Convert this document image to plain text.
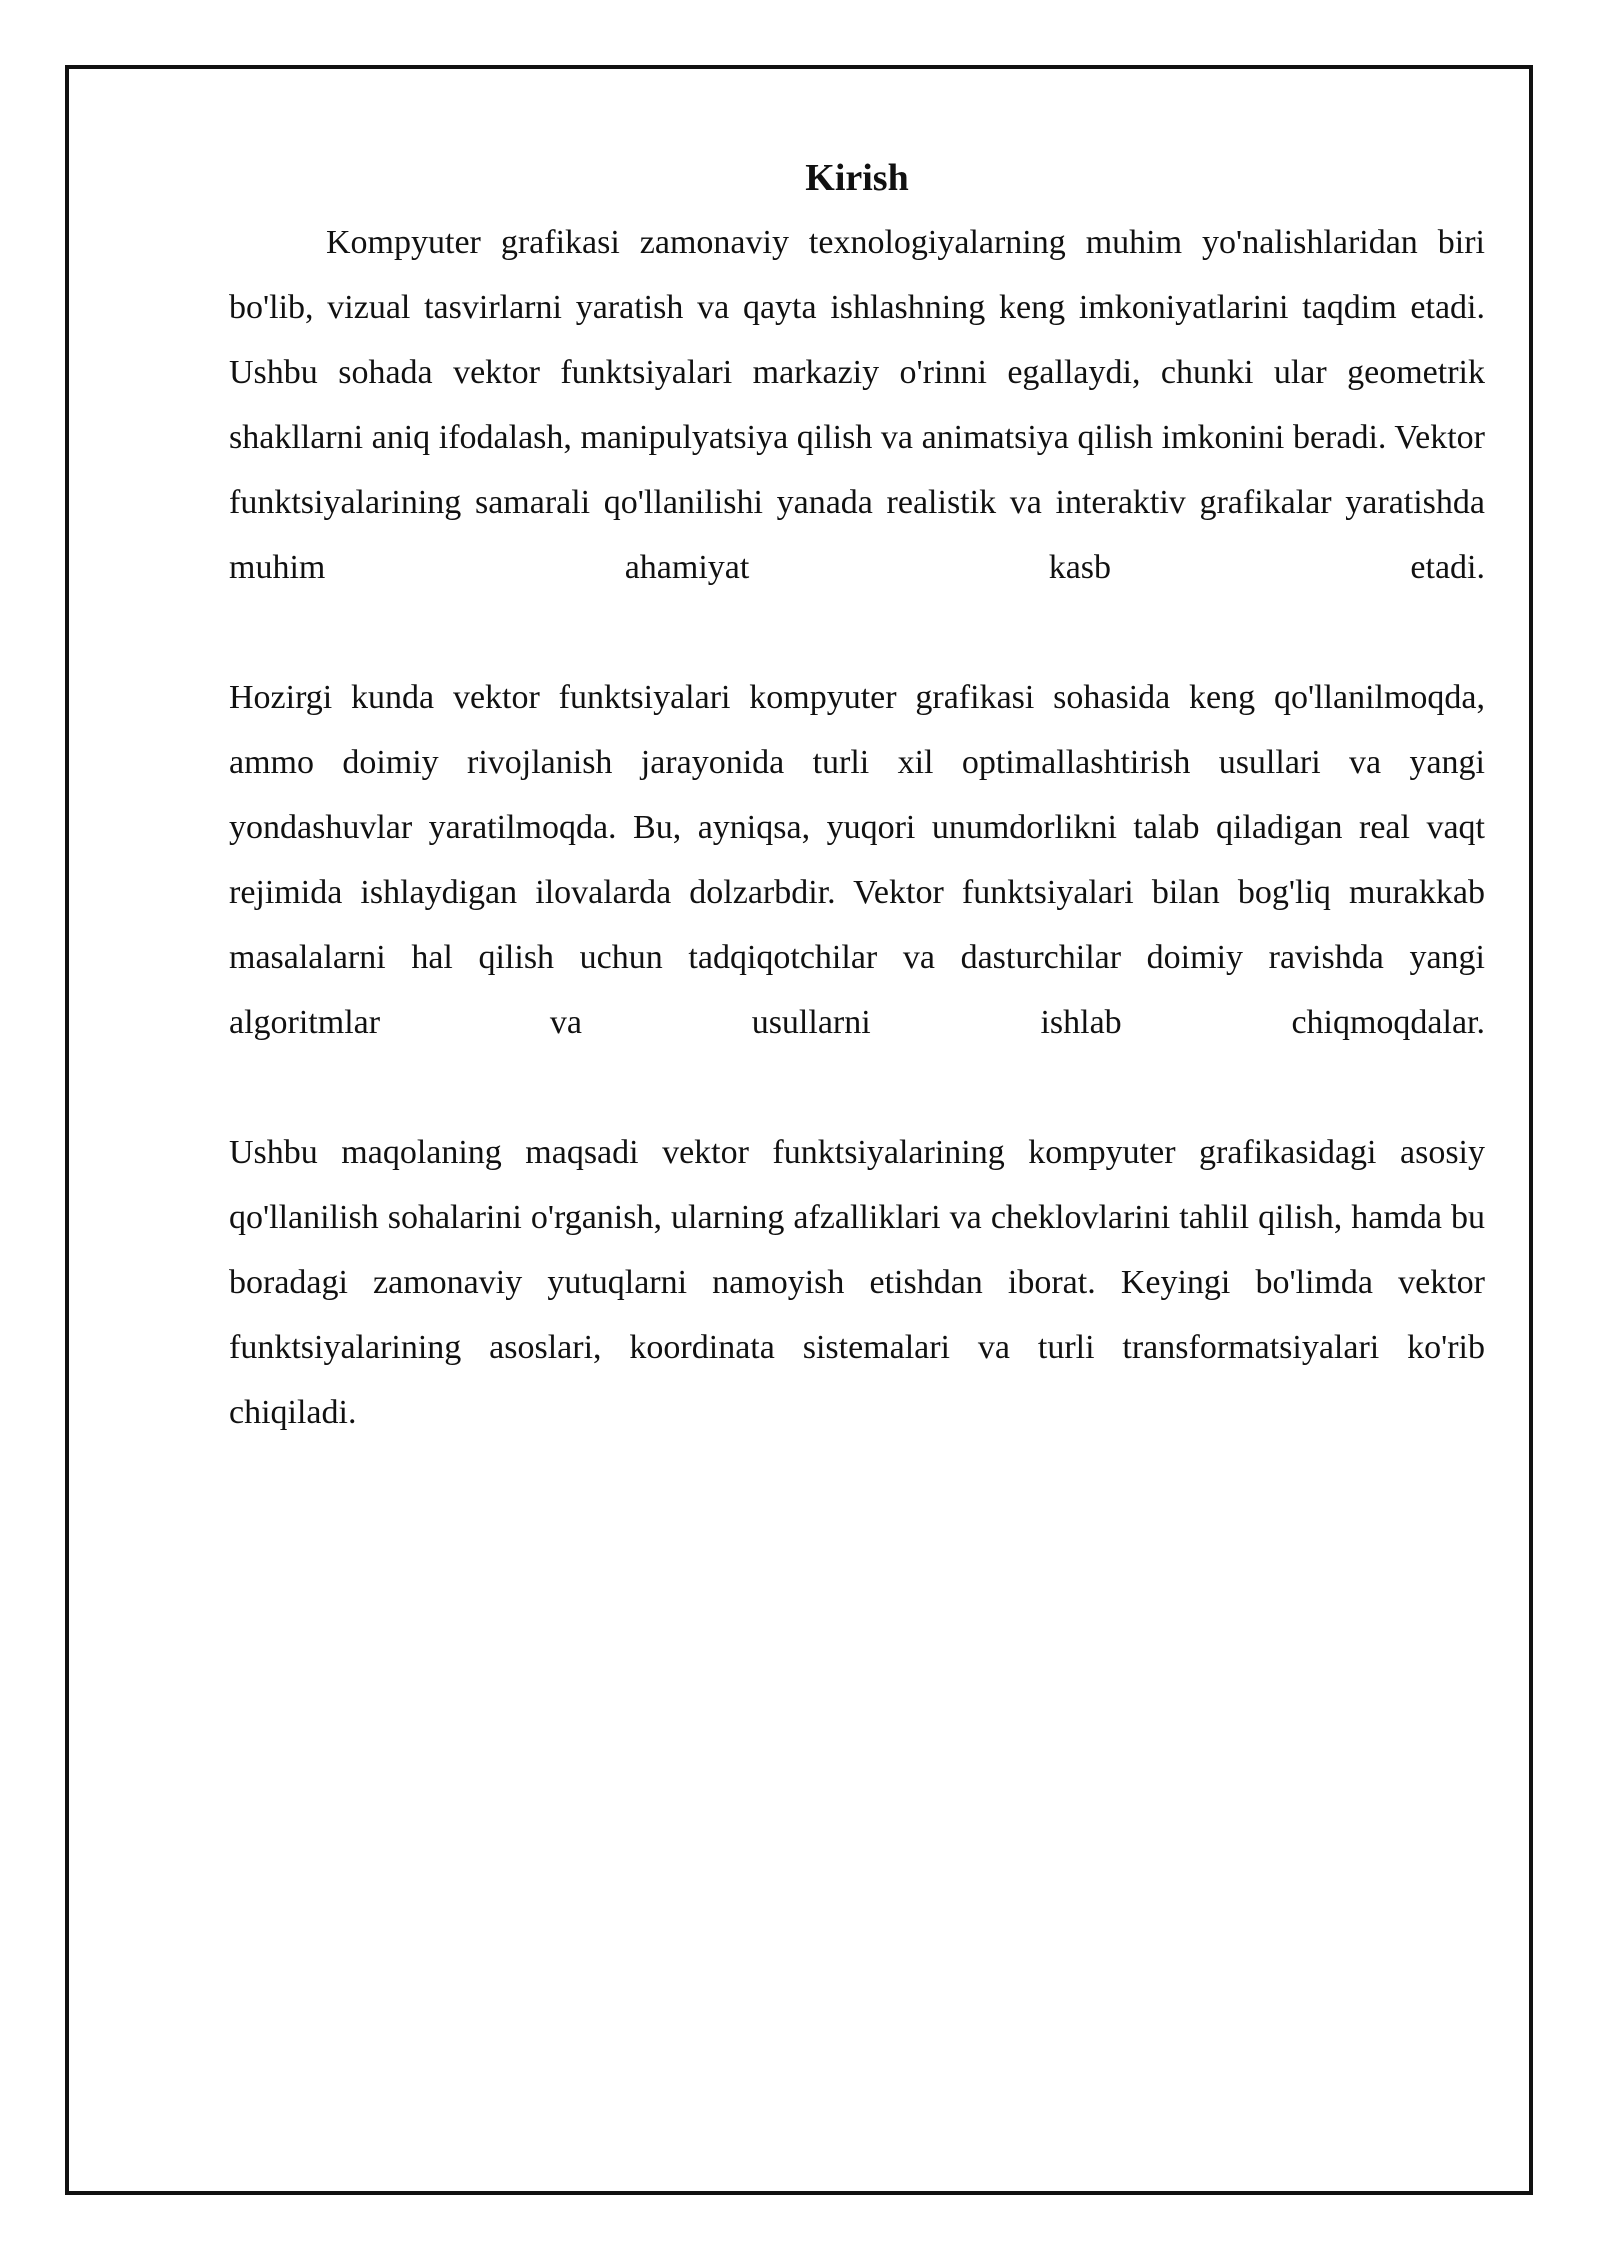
Kirish

Kompyuter grafikasi zamonaviy texnologiyalarning muhim yo'nalishlaridan biri bo'lib, vizual tasvirlarni yaratish va qayta ishlashning keng imkoniyatlarini taqdim etadi. Ushbu sohada vektor funktsiyalari markaziy o'rinni egallaydi, chunki ular geometrik shakllarni aniq ifodalash, manipulyatsiya qilish va animatsiya qilish imkonini beradi. Vektor funktsiyalarining samarali qo'llanilishi yanada realistik va interaktiv grafikalar yaratishda muhim ahamiyat kasb etadi.

Hozirgi kunda vektor funktsiyalari kompyuter grafikasi sohasida keng qo'llanilmoqda, ammo doimiy rivojlanish jarayonida turli xil optimallashtirish usullari va yangi yondashuvlar yaratilmoqda. Bu, ayniqsa, yuqori unumdorlikni talab qiladigan real vaqt rejimida ishlaydigan ilovalarda dolzarbdir. Vektor funktsiyalari bilan bog'liq murakkab masalalarni hal qilish uchun tadqiqotchilar va dasturchilar doimiy ravishda yangi algoritmlar va usullarni ishlab chiqmoqdalar.

Ushbu maqolaning maqsadi vektor funktsiyalarining kompyuter grafikasidagi asosiy qo'llanilish sohalarini o'rganish, ularning afzalliklari va cheklovlarini tahlil qilish, hamda bu boradagi zamonaviy yutuqlarni namoyish etishdan iborat. Keyingi bo'limda vektor funktsiyalarining asoslari, koordinata sistemalari va turli transformatsiyalari ko'rib chiqiladi.
